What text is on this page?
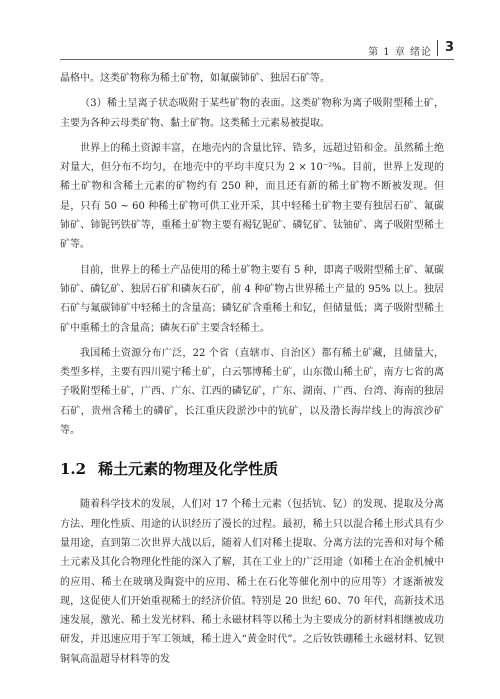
第 1 章 绪论 3

晶格中。这类矿物称为稀土矿物，如氟碳铈矿、独居石矿等。

（3）稀土呈离子状态吸附于某些矿物的表面。这类矿物称为离子吸附型稀土矿，主要为各种云母类矿物、黏土矿物。这类稀土元素易被提取。

世界上的稀土资源丰富，在地壳内的含量比锌、锆多，远超过铅和金。虽然稀土绝对量大，但分布不均匀，在地壳中的平均丰度只为 2 × 10⁻²%。目前，世界上发现的稀土矿物和含稀土元素的矿物约有 250 种，而且还有新的稀土矿物不断被发现。但是，只有 50 ~ 60 种稀土矿物可供工业开采，其中轻稀土矿物主要有独居石矿、氟碳铈矿、铈铌钙铁矿等，重稀土矿物主要有褐钇铌矿、磷钇矿、钛铀矿、离子吸附型稀土矿等。

目前，世界上的稀土产品使用的稀土矿物主要有 5 种，即离子吸附型稀土矿、氟碳铈矿、磷钇矿、独居石矿和磷灰石矿，前 4 种矿物占世界稀土产量的 95% 以上。独居石矿与氟碳铈矿中轻稀土的含量高；磷钇矿含重稀土和钇，但储量低；离子吸附型稀土矿中重稀土的含量高；磷灰石矿主要含轻稀土。

我国稀土资源分布广泛，22 个省（直辖市、自治区）都有稀土矿藏，且储量大，类型多样，主要有四川冕宁稀土矿，白云鄂博稀土矿，山东微山稀土矿，南方七省的离子吸附型稀土矿，广西、广东、江西的磷钇矿，广东、湖南、广西、台湾、海南的独居石矿，贵州含稀土的磷矿，长江重庆段淤沙中的钪矿，以及渤长海岸线上的海滨沙矿等。

1.2 稀土元素的物理及化学性质

随着科学技术的发展，人们对 17 个稀土元素（包括钪、钇）的发现、提取及分离方法、理化性质、用途的认识经历了漫长的过程。最初，稀土只以混合稀土形式具有少量用途，直到第二次世界大战以后，随着人们对稀土提取、分离方法的完善和对每个稀土元素及其化合物理化性能的深入了解，其在工业上的广泛用途（如稀土在冶金机械中的应用、稀土在玻璃及陶瓷中的应用、稀土在石化等催化剂中的应用等）才逐渐被发现，这促使人们开始重视稀土的经济价值。特别是 20 世纪 60、70 年代，高新技术迅速发展，激光、稀土发光材料、稀土永磁材料等以稀土为主要成分的新材料相继被成功研发，并迅速应用于军工领域，稀土进入“黄金时代”。之后钕铁硼稀土永磁材料、钇钡铜氧高温超导材料等的发
